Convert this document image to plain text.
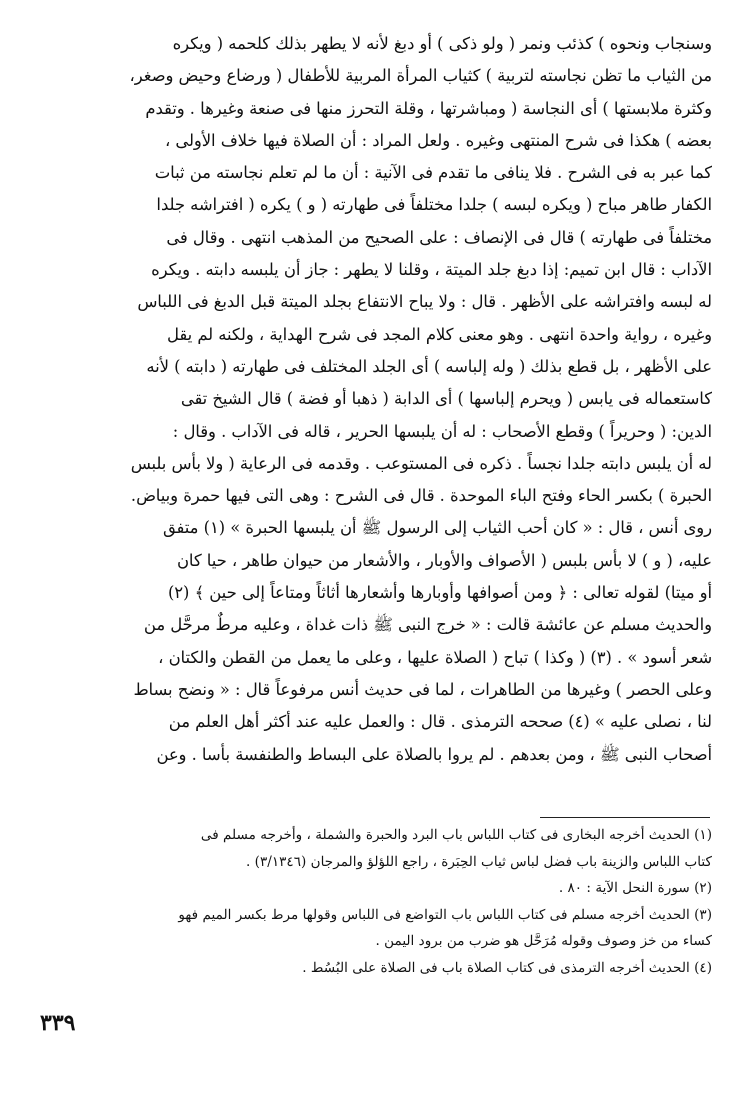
وسنجاب ونحوه ) كذئب ونمر ( ولو ذكى ) أو دبغ لأنه لا يطهر بذلك كلحمه ( ويكره
من الثياب ما تظن نجاسته لتربية ) كثياب المرأة المربية للأطفال ( ورضاع وحيض وصغر،
وكثرة ملابستها ) أى النجاسة ( ومباشرتها ، وقلة التحرز منها فى صنعة وغيرها . وتقدم
بعضه ) هكذا فى شرح المنتهى وغيره . ولعل المراد : أن الصلاة فيها خلاف الأولى ،
كما عبر به فى الشرح . فلا ينافى ما تقدم فى الآنية : أن ما لم تعلم نجاسته من ثبات
الكفار طاهر مباح ( ويكره لبسه ) جلدا مختلفاً فى طهارته ( و ) يكره ( افتراشه جلدا
مختلفاً فى طهارته ) قال فى الإنصاف : على الصحيح من المذهب انتهى . وقال فى
الآداب : قال ابن تميم: إذا دبغ جلد الميتة ، وقلنا لا يطهر : جاز أن يلبسه دابته . ويكره
له لبسه وافتراشه على الأظهر . قال : ولا يباح الانتفاع بجلد الميتة قبل الدبغ فى اللباس
وغيره ، رواية واحدة انتهى . وهو معنى كلام المجد فى شرح الهداية ، ولكنه لم يقل
على الأظهر ، بل قطع بذلك ( وله إلباسه ) أى الجلد المختلف فى طهارته ( دابته ) لأنه
كاستعماله فى يابس ( ويحرم إلباسها ) أى الدابة ( ذهبا أو فضة ) قال الشيخ تقى
الدين: ( وحريراً ) وقطع الأصحاب : له أن يلبسها الحرير ، قاله فى الآداب . وقال :
له أن يلبس دابته جلدا نجساً . ذكره فى المستوعب . وقدمه فى الرعاية ( ولا بأس بلبس
الحبرة ) بكسر الحاء وفتح الباء الموحدة . قال فى الشرح : وهى التى فيها حمرة وبياض.
روى أنس ، قال : « كان أحب الثياب إلى الرسول ﷺ أن يلبسها الحبرة » (١) متفق
عليه، ( و ) لا بأس بلبس ( الأصواف والأوبار ، والأشعار من حيوان طاهر ، حيا كان
أو ميتا) لقوله تعالى : ﴿ ومن أصوافها وأوبارها وأشعارها أثاثاً ومتاعاً إلى حين ﴾ (٢)
والحديث مسلم عن عائشة قالت : « خرج النبى ﷺ ذات غداة ، وعليه مرطٌ مرحَّل من
شعر أسود » . (٣) ( وكذا ) تباح ( الصلاة عليها ، وعلى ما يعمل من القطن والكتان ،
وعلى الحصر ) وغيرها من الطاهرات ، لما فى حديث أنس مرفوعاً قال : « ونضح بساط
لنا ، نصلى عليه » (٤) صححه الترمذى . قال : والعمل عليه عند أكثر أهل العلم من
أصحاب النبى ﷺ ، ومن بعدهم . لم يروا بالصلاة على البساط والطنفسة بأسا . وعن
(١) الحديث أخرجه البخارى فى كتاب اللباس باب البرد والحبرة والشملة ، وأخرجه مسلم فى
كتاب اللباس والزينة باب فضل لباس ثياب الحِبَرة ، راجع اللؤلؤ والمرجان (٣/١٣٤٦) .
(٢) سورة النحل الآية : ٨٠ .
(٣) الحديث أخرجه مسلم فى كتاب اللباس باب التواضع فى اللباس وقولها مرط بكسر الميم فهو
كساء من خز وصوف وقوله مُرَحَّل هو ضرب من برود اليمن .
(٤) الحديث أخرجه الترمذى فى كتاب الصلاة باب فى الصلاة على البُسُط .
٣٣٩
